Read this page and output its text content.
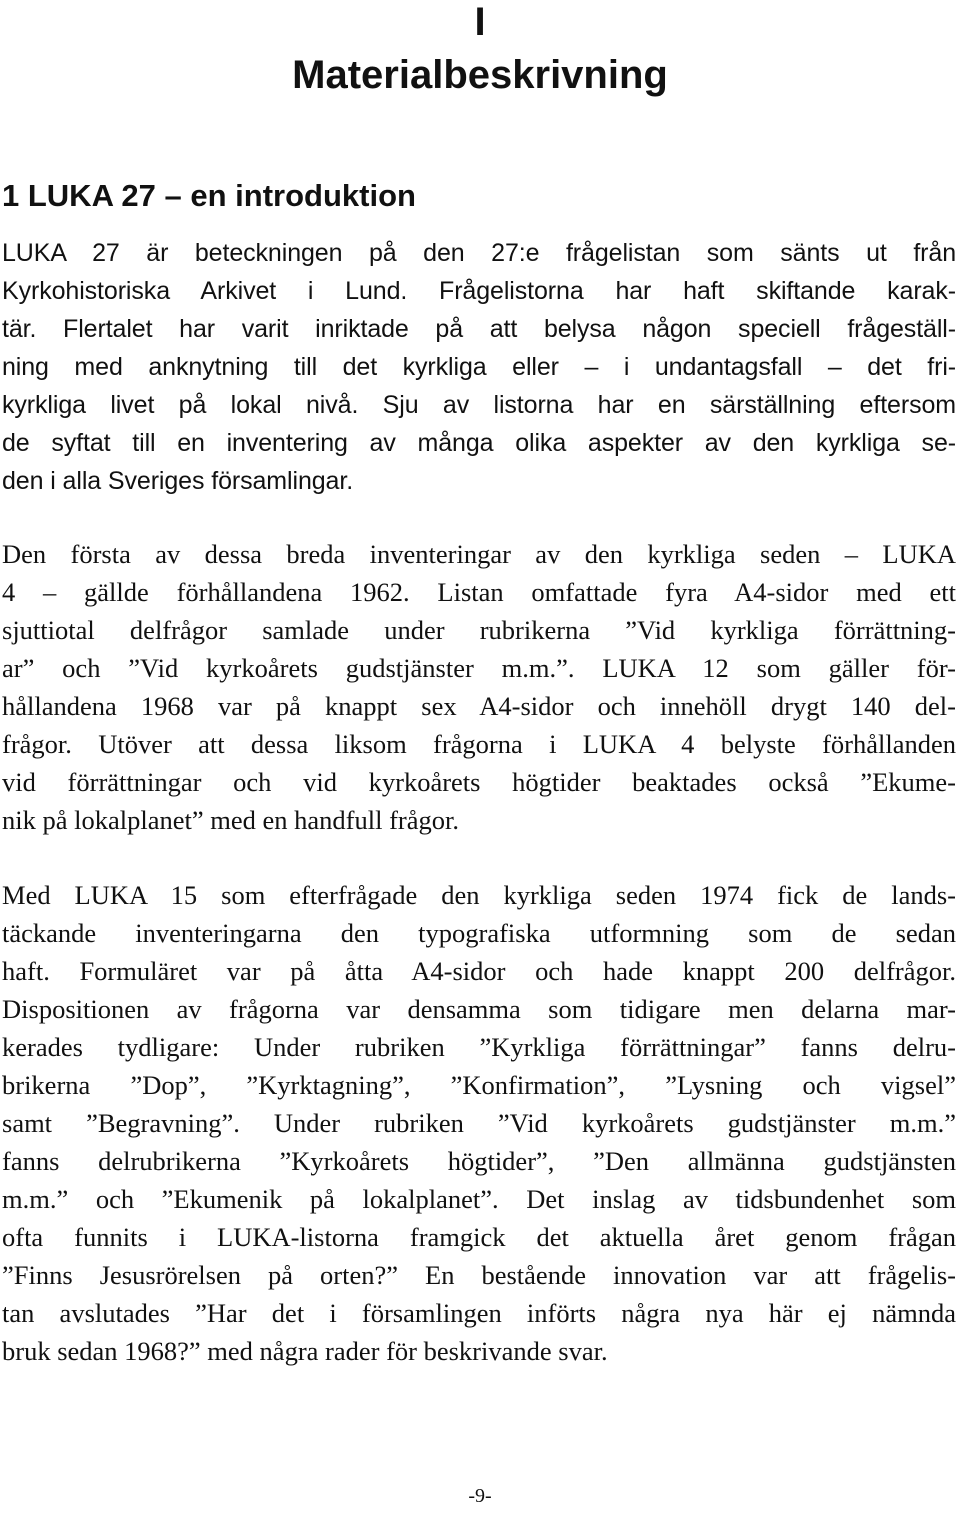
I
Materialbeskrivning
1 LUKA 27 – en introduktion
LUKA 27 är beteckningen på den 27:e frågelistan som sänts ut från
Kyrkohistoriska Arkivet i Lund. Frågelistorna har haft skiftande karak-
tär. Flertalet har varit inriktade på att belysa någon speciell frågeställ-
ning med anknytning till det kyrkliga eller – i undantagsfall – det fri-
kyrkliga livet på lokal nivå. Sju av listorna har en särställning eftersom
de syftat till en inventering av många olika aspekter av den kyrkliga se-
den i alla Sveriges församlingar.
Den första av dessa breda inventeringar av den kyrkliga seden – LUKA
4 – gällde förhållandena 1962. Listan omfattade fyra A4-sidor med ett
sjuttiotal delfrågor samlade under rubrikerna ”Vid kyrkliga förrättning-
ar” och ”Vid kyrkoårets gudstjänster m.m.”. LUKA 12 som gäller för-
hållandena 1968 var på knappt sex A4-sidor och innehöll drygt 140 del-
frågor. Utöver att dessa liksom frågorna i LUKA 4 belyste förhållanden
vid förrättningar och vid kyrkoårets högtider beaktades också ”Ekume-
nik på lokalplanet” med en handfull frågor.
Med LUKA 15 som efterfrågade den kyrkliga seden 1974 fick de lands-
täckande inventeringarna den typografiska utformning som de sedan
haft. Formuläret var på åtta A4-sidor och hade knappt 200 delfrågor.
Dispositionen av frågorna var densamma som tidigare men delarna mar-
kerades tydligare: Under rubriken ”Kyrkliga förrättningar” fanns delru-
brikerna ”Dop”, ”Kyrktagning”, ”Konfirmation”, ”Lysning och vigsel”
samt ”Begravning”. Under rubriken ”Vid kyrkoårets gudstjänster m.m.”
fanns delrubrikerna ”Kyrkoårets högtider”, ”Den allmänna gudstjänsten
m.m.” och ”Ekumenik på lokalplanet”. Det inslag av tidsbundenhet som
ofta funnits i LUKA-listorna framgick det aktuella året genom frågan
”Finns Jesusrörelsen på orten?” En bestående innovation var att frågelis-
tan avslutades ”Har det i församlingen införts några nya här ej nämnda
bruk sedan 1968?” med några rader för beskrivande svar.
-9-
